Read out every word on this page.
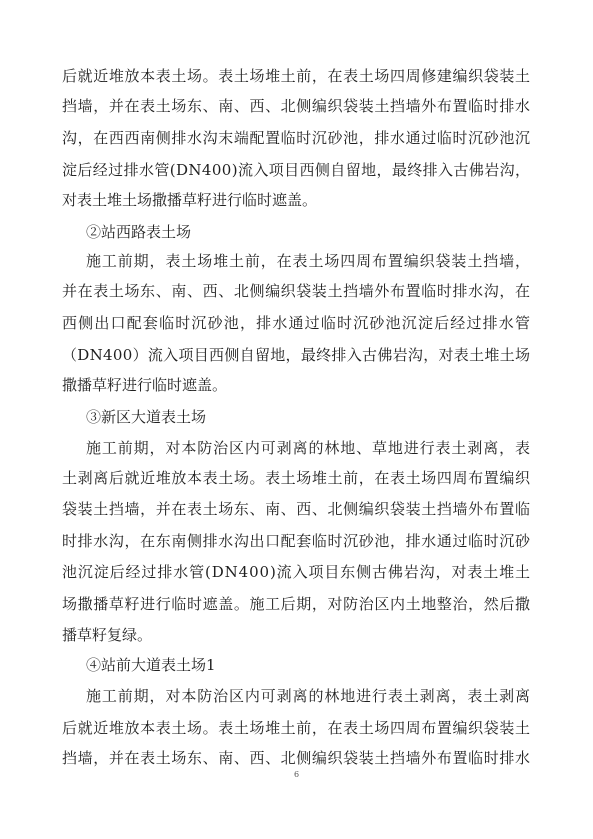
后就近堆放本表土场。表土场堆土前，在表土场四周修建编织袋装土
挡墙，并在表土场东、南、西、北侧编织袋装土挡墙外布置临时排水
沟，在西西南侧排水沟末端配置临时沉砂池，排水通过临时沉砂池沉
淀后经过排水管(DN400)流入项目西侧自留地，最终排入古佛岩沟，
对表土堆土场撒播草籽进行临时遮盖。
②站西路表土场
施工前期，表土场堆土前，在表土场四周布置编织袋装土挡墙，
并在表土场东、南、西、北侧编织袋装土挡墙外布置临时排水沟，在
西侧出口配套临时沉砂池，排水通过临时沉砂池沉淀后经过排水管
（DN400）流入项目西侧自留地，最终排入古佛岩沟，对表土堆土场
撒播草籽进行临时遮盖。
③新区大道表土场
施工前期，对本防治区内可剥离的林地、草地进行表土剥离，表
土剥离后就近堆放本表土场。表土场堆土前，在表土场四周布置编织
袋装土挡墙，并在表土场东、南、西、北侧编织袋装土挡墙外布置临
时排水沟，在东南侧排水沟出口配套临时沉砂池，排水通过临时沉砂
池沉淀后经过排水管(DN400)流入项目东侧古佛岩沟，对表土堆土
场撒播草籽进行临时遮盖。施工后期，对防治区内土地整治，然后撒
播草籽复绿。
④站前大道表土场1
施工前期，对本防治区内可剥离的林地进行表土剥离，表土剥离
后就近堆放本表土场。表土场堆土前，在表土场四周布置编织袋装土
挡墙，并在表土场东、南、西、北侧编织袋装土挡墙外布置临时排水
6
